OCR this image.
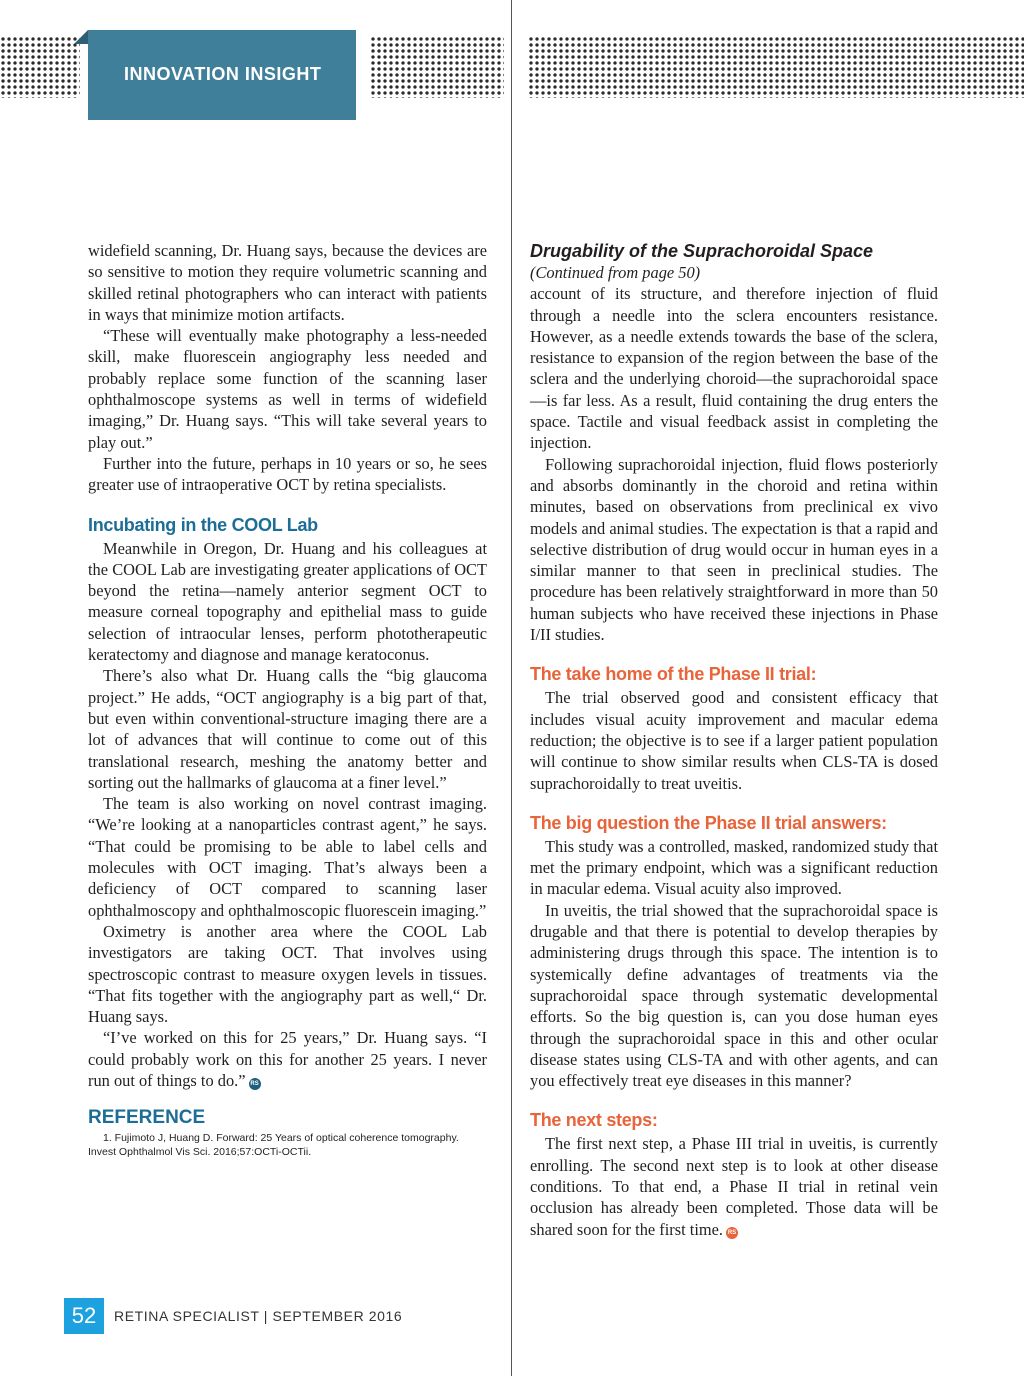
INNOVATION INSIGHT

widefield scanning, Dr. Huang says, because the devices are so sensitive to motion they require volumetric scanning and skilled retinal photographers who can interact with patients in ways that minimize motion artifacts.

“These will eventually make photography a less-needed skill, make fluorescein angiography less needed and probably replace some function of the scanning laser ophthalmoscope systems as well in terms of widefield imaging,” Dr. Huang says. “This will take several years to play out.”

Further into the future, perhaps in 10 years or so, he sees greater use of intraoperative OCT by retina specialists.

Incubating in the COOL Lab

Meanwhile in Oregon, Dr. Huang and his colleagues at the COOL Lab are investigating greater applications of OCT beyond the retina—namely anterior segment OCT to measure corneal topography and epithelial mass to guide selection of intraocular lenses, perform phototherapeutic keratectomy and diagnose and manage keratoconus.

There’s also what Dr. Huang calls the “big glaucoma project.” He adds, “OCT angiography is a big part of that, but even within conventional-structure imaging there are a lot of advances that will continue to come out of this translational research, meshing the anatomy better and sorting out the hallmarks of glaucoma at a finer level.”

The team is also working on novel contrast imaging. “We’re looking at a nanoparticles contrast agent,” he says. “That could be promising to be able to label cells and molecules with OCT imaging. That’s always been a deficiency of OCT compared to scanning laser ophthalmoscopy and ophthalmoscopic fluorescein imaging.”

Oximetry is another area where the COOL Lab investigators are taking OCT. That involves using spectroscopic contrast to measure oxygen levels in tissues. “That fits together with the angiography part as well,“ Dr. Huang says.

“I’ve worked on this for 25 years,” Dr. Huang says. “I could probably work on this for another 25 years. I never run out of things to do.” RS

REFERENCE

1. Fujimoto J, Huang D. Forward: 25 Years of optical coherence tomography. Invest Ophthalmol Vis Sci. 2016;57:OCTi-OCTii.

Drugability of the Suprachoroidal Space

(Continued from page 50)

account of its structure, and therefore injection of fluid through a needle into the sclera encounters resistance. However, as a needle extends towards the base of the sclera, resistance to expansion of the region between the base of the sclera and the underlying choroid—the suprachoroidal space—is far less. As a result, fluid containing the drug enters the space. Tactile and visual feedback assist in completing the injection.

Following suprachoroidal injection, fluid flows posteriorly and absorbs dominantly in the choroid and retina within minutes, based on observations from preclinical ex vivo models and animal studies. The expectation is that a rapid and selective distribution of drug would occur in human eyes in a similar manner to that seen in preclinical studies. The procedure has been relatively straightforward in more than 50 human subjects who have received these injections in Phase I/II studies.

The take home of the Phase II trial:

The trial observed good and consistent efficacy that includes visual acuity improvement and macular edema reduction; the objective is to see if a larger patient population will continue to show similar results when CLS-TA is dosed suprachoroidally to treat uveitis.

The big question the Phase II trial answers:

This study was a controlled, masked, randomized study that met the primary endpoint, which was a significant reduction in macular edema. Visual acuity also improved.

In uveitis, the trial showed that the suprachoroidal space is drugable and that there is potential to develop therapies by administering drugs through this space. The intention is to systemically define advantages of treatments via the suprachoroidal space through systematic developmental efforts. So the big question is, can you dose human eyes through the suprachoroidal space in this and other ocular disease states using CLS-TA and with other agents, and can you effectively treat eye diseases in this manner?

The next steps:

The first next step, a Phase III trial in uveitis, is currently enrolling. The second next step is to look at other disease conditions. To that end, a Phase II trial in retinal vein occlusion has already been completed. Those data will be shared soon for the first time. RS

52	RETINA SPECIALIST | SEPTEMBER 2016
